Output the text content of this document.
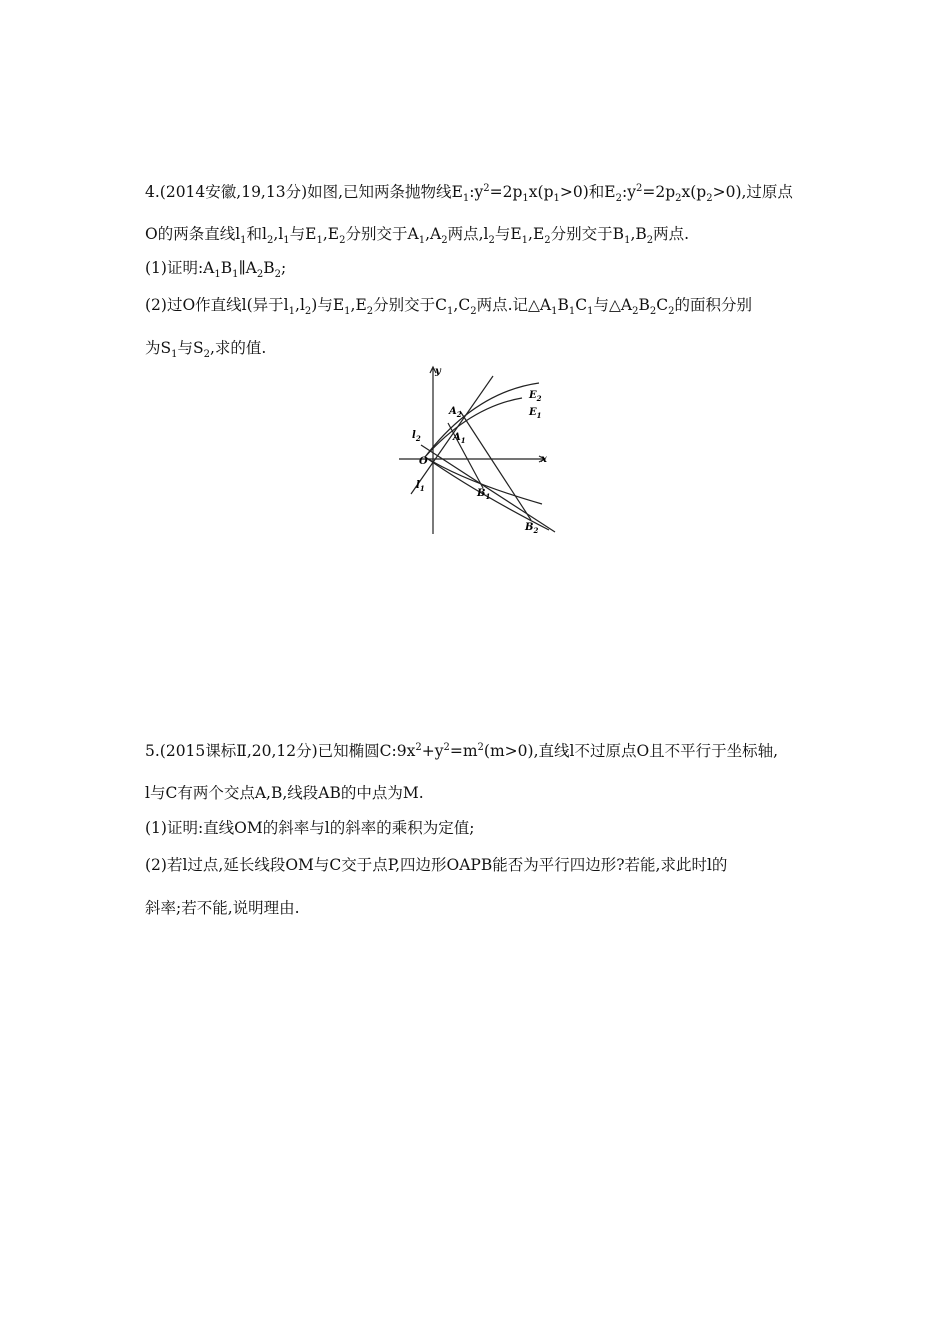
4.(2014安徽,19,13分)如图,已知两条抛物线$E_1:y^2=2p_1x(p_1>0)$和$E_2:y^2=2p_2x(p_2>0)$,过原点
O的两条直线$l_1$和$l_2,l_1$与$E_1,E_2$分别交于$A_1,A_2$两点$,l_2$与$E_1,E_2$分别交于$B_1,B_2$两点.
(1)证明$:A_1B_1\parallel A_2B_2$;
(2)过O作直线l(异于$l_1,l_2$)与$E_1,E_2$分别交于$C_1,C_2$两点.记$\triangle A_1B_1C_1$与$\triangle A_2B_2C_2$的面积分别
为$S_1$与$S_2$,求的值.
y
x
O
$l_2$
$l_1$
$A_2$
$A_1$
$B_1$
$B_2$
$E_2$
$E_1$
5.(2015课标Ⅱ,20,12分)已知椭圆$C:9x^2+y^2=m^2(m>0)$,直线l不过原点O且不平行于坐标轴,
l与C有两个交点A,B,线段AB的中点为M.
(1)证明:直线OM的斜率与l的斜率的乘积为定值;
(2)若l过点,延长线段OM与C交于点P,四边形OAPB能否为平行四边形?若能,求此时l的
斜率;若不能,说明理由.
